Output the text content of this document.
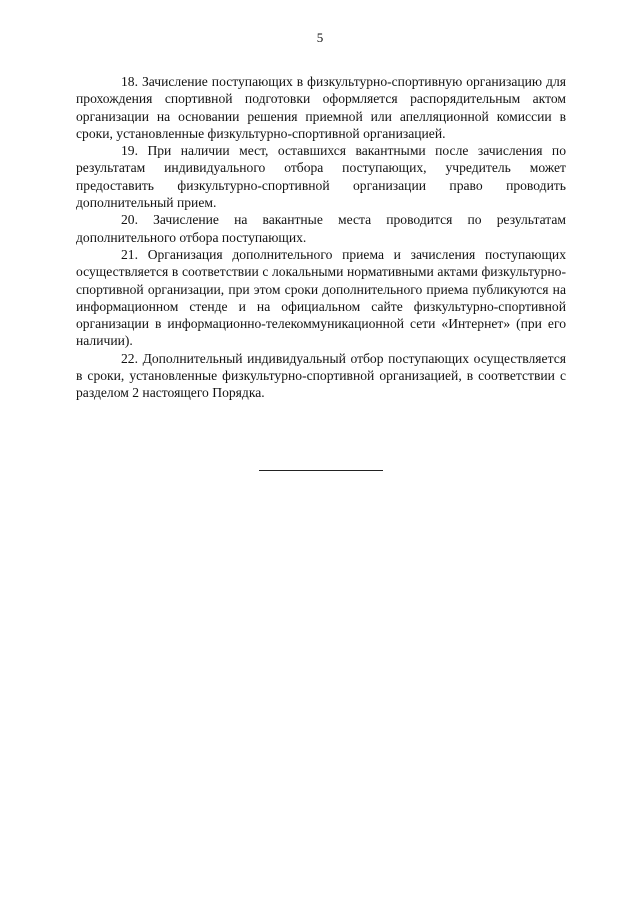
5

18. Зачисление поступающих в физкультурно-спортивную организацию для прохождения спортивной подготовки оформляется распорядительным актом организации на основании решения приемной или апелляционной комиссии в сроки, установленные физкультурно-спортивной организацией.

19. При наличии мест, оставшихся вакантными после зачисления по результатам индивидуального отбора поступающих, учредитель может предоставить физкультурно-спортивной организации право проводить дополнительный прием.

20. Зачисление на вакантные места проводится по результатам дополнительного отбора поступающих.

21. Организация дополнительного приема и зачисления поступающих осуществляется в соответствии с локальными нормативными актами физкультурно-спортивной организации, при этом сроки дополнительного приема публикуются на информационном стенде и на официальном сайте физкультурно-спортивной организации в информационно-телекоммуникационной сети «Интернет» (при его наличии).

22. Дополнительный индивидуальный отбор поступающих осуществляется в сроки, установленные физкультурно-спортивной организацией, в соответствии с разделом 2 настоящего Порядка.
